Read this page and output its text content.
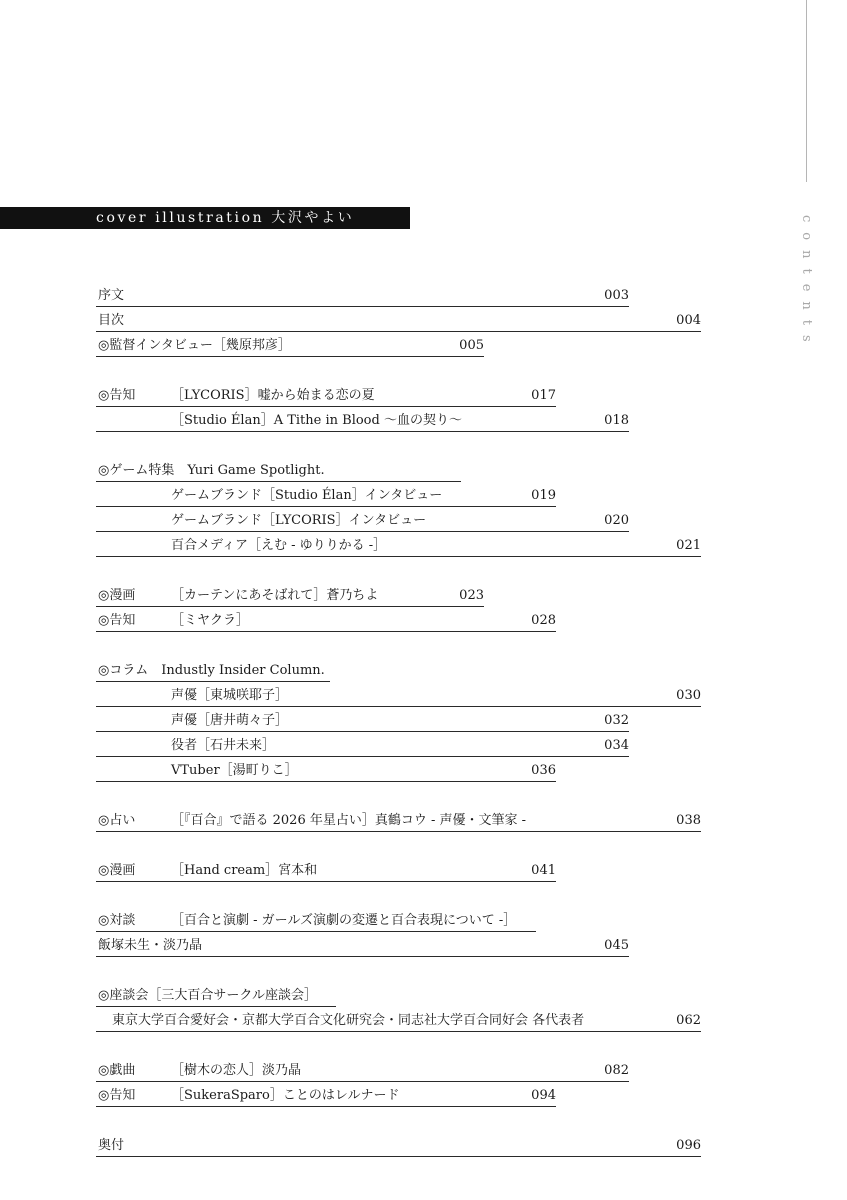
cover illustration 大沢やよい	contents
序文	003
目次	004
◎監督インタビュー［幾原邦彦］	005
◎告知	［LYCORIS］嘘から始まる恋の夏	017
［Studio Élan］A Tithe in Blood 〜血の契り〜	018
◎ゲーム特集　Yuri Game Spotlight.
ゲームブランド［Studio Élan］インタビュー	019
ゲームブランド［LYCORIS］インタビュー	020
百合メディア［えむ - ゆりりかる -］	021
◎漫画	［カーテンにあそばれて］蒼乃ちよ	023
◎告知	［ミヤクラ］	028
◎コラム　Industly Insider Column.
声優［東城咲耶子］	030
声優［唐井萌々子］	032
役者［石井未来］	034
VTuber［湯町りこ］	036
◎占い	［『百合』で語る 2026 年星占い］真鶴コウ - 声優・文筆家 -	038
◎漫画	［Hand cream］宮本和	041
◎対談	［百合と演劇 - ガールズ演劇の変遷と百合表現について -］
飯塚未生・淡乃晶	045
◎座談会［三大百合サークル座談会］
東京大学百合愛好会・京都大学百合文化研究会・同志社大学百合同好会 各代表者	062
◎戯曲	［樹木の恋人］淡乃晶	082
◎告知	［SukeraSparo］ことのはレルナード	094
奥付	096
